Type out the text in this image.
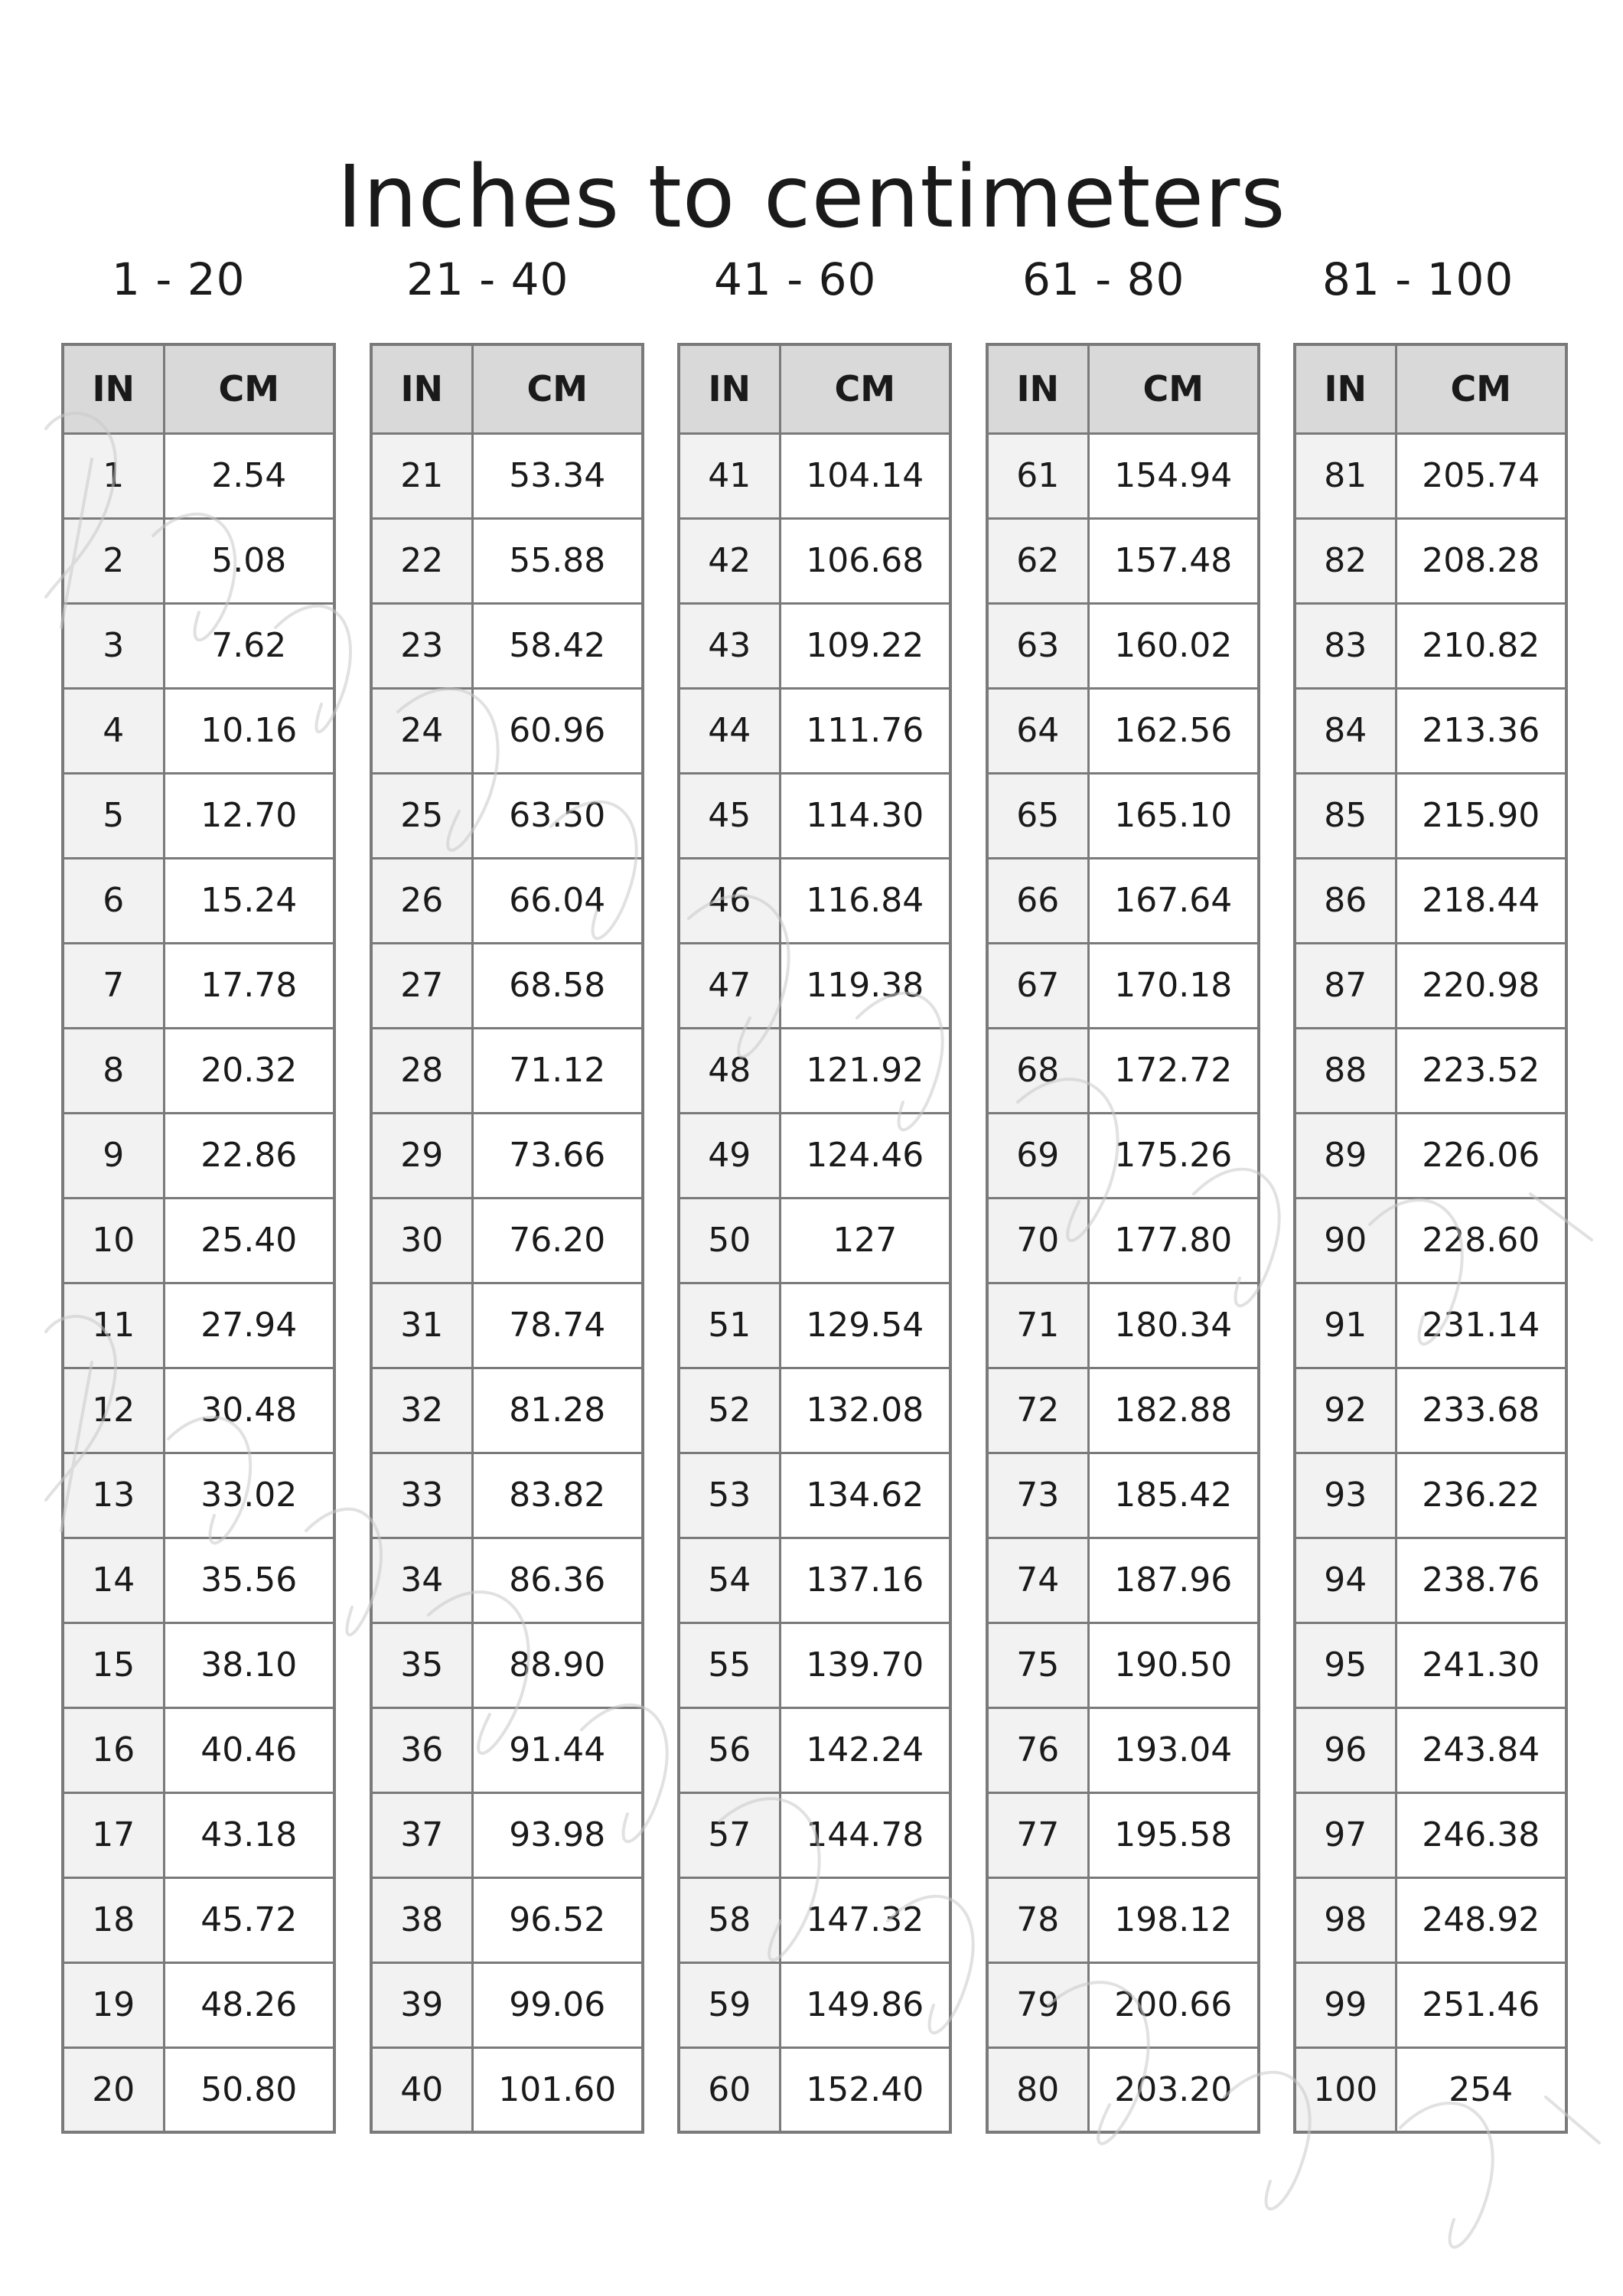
Inches to centimeters
1 - 20
IN	CM
1	2.54
2	5.08
3	7.62
4	10.16
5	12.70
6	15.24
7	17.78
8	20.32
9	22.86
10	25.40
11	27.94
12	30.48
13	33.02
14	35.56
15	38.10
16	40.46
17	43.18
18	45.72
19	48.26
20	50.80
21 - 40
IN	CM
21	53.34
22	55.88
23	58.42
24	60.96
25	63.50
26	66.04
27	68.58
28	71.12
29	73.66
30	76.20
31	78.74
32	81.28
33	83.82
34	86.36
35	88.90
36	91.44
37	93.98
38	96.52
39	99.06
40	101.60
41 - 60
IN	CM
41	104.14
42	106.68
43	109.22
44	111.76
45	114.30
46	116.84
47	119.38
48	121.92
49	124.46
50	127
51	129.54
52	132.08
53	134.62
54	137.16
55	139.70
56	142.24
57	144.78
58	147.32
59	149.86
60	152.40
61 - 80
IN	CM
61	154.94
62	157.48
63	160.02
64	162.56
65	165.10
66	167.64
67	170.18
68	172.72
69	175.26
70	177.80
71	180.34
72	182.88
73	185.42
74	187.96
75	190.50
76	193.04
77	195.58
78	198.12
79	200.66
80	203.20
81 - 100
IN	CM
81	205.74
82	208.28
83	210.82
84	213.36
85	215.90
86	218.44
87	220.98
88	223.52
89	226.06
90	228.60
91	231.14
92	233.68
93	236.22
94	238.76
95	241.30
96	243.84
97	246.38
98	248.92
99	251.46
100	254
